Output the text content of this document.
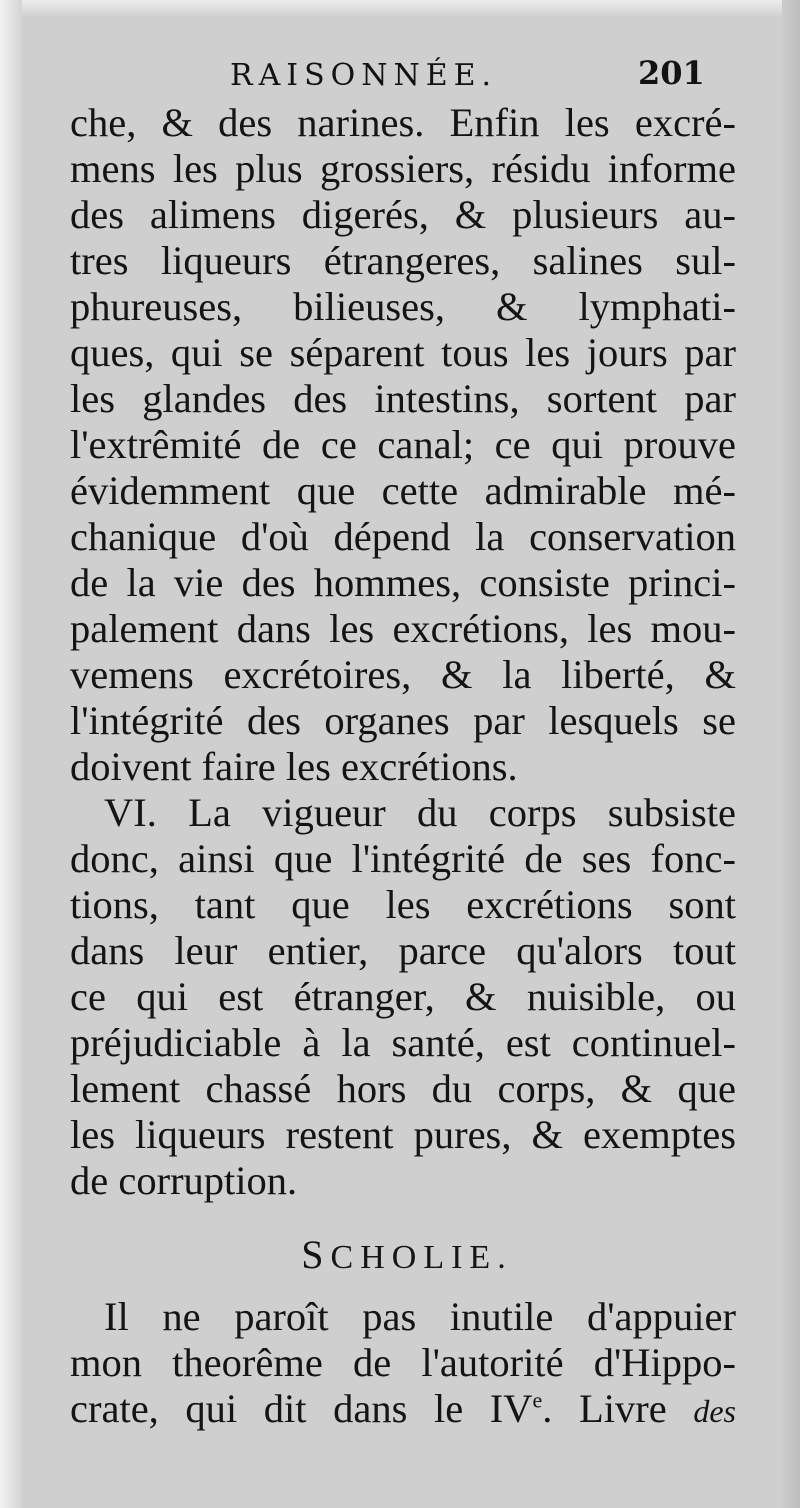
RAISONNÉE.	201
che, & des narines. Enfin les excré-
mens les plus grossiers, résidu informe
des alimens digerés, & plusieurs au-
tres liqueurs étrangeres, salines sul-
phureuses, bilieuses, & lymphati-
ques, qui se séparent tous les jours par
les glandes des intestins, sortent par
l'extrêmité de ce canal; ce qui prouve
évidemment que cette admirable mé-
chanique d'où dépend la conservation
de la vie des hommes, consiste princi-
palement dans les excrétions, les mou-
vemens excrétoires, & la liberté, &
l'intégrité des organes par lesquels se
doivent faire les excrétions.
VI. La vigueur du corps subsiste
donc, ainsi que l'intégrité de ses fonc-
tions, tant que les excrétions sont
dans leur entier, parce qu'alors tout
ce qui est étranger, & nuisible, ou
préjudiciable à la santé, est continuel-
lement chassé hors du corps, & que
les liqueurs restent pures, & exemptes
de corruption.
SCHOLIE.
Il ne paroît pas inutile d'appuier
mon theorême de l'autorité d'Hippo-
crate, qui dit dans le IVe. Livre des
